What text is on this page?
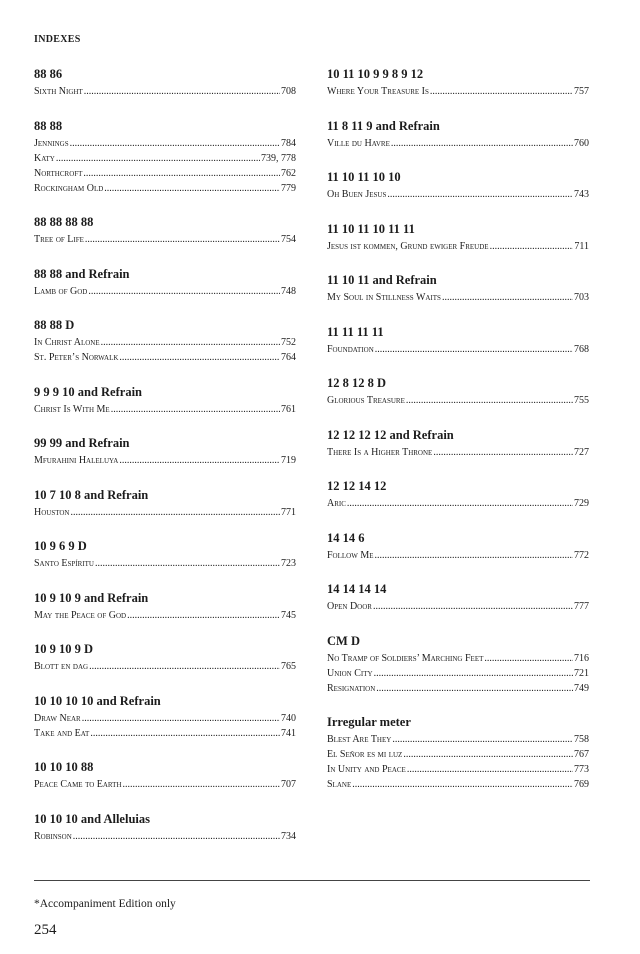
INDEXES
88 86
Sixth Night .....	708
88 88
Jennings .....	784
Katy .....	739, 778
Northcroft .....	762
Rockingham Old .....	779
88 88 88 88
Tree of Life .....	754
88 88 and Refrain
Lamb of God .....	748
88 88 D
In Christ Alone .....	752
St. Peter’s Norwalk .....	764
9 9 9 10 and Refrain
Christ Is With Me .....	761
99 99 and Refrain
Mfurahini Haleluya .....	719
10 7 10 8 and Refrain
Houston .....	771
10 9 6 9 D
Santo Espíritu .....	723
10 9 10 9 and Refrain
May the Peace of God .....	745
10 9 10 9 D
Blott en dag .....	765
10 10 10 10 and Refrain
Draw Near .....	740
Take and Eat .....	741
10 10 10 88
Peace Came to Earth .....	707
10 10 10 and Alleluias
Robinson .....	734
10 11 10 9 9 8 9 12
Where Your Treasure Is .....	757
11 8 11 9 and Refrain
Ville du Havre .....	760
11 10 11 10 10
Oh Buen Jesus .....	743
11 10 11 10 11 11
Jesus ist kommen, Grund ewiger Freude .....	711
11 10 11 and Refrain
My Soul in Stillness Waits .....	703
11 11 11 11
Foundation .....	768
12 8 12 8 D
Glorious Treasure .....	755
12 12 12 12 and Refrain
There Is a Higher Throne .....	727
12 12 14 12
Aric .....	729
14 14 6
Follow Me .....	772
14 14 14 14
Open Door .....	777
CM D
No Tramp of Soldiers’ Marching Feet .....	716
Union City .....	721
Resignation .....	749
Irregular meter
Blest Are They .....	758
El Señor es mi luz .....	767
In Unity and Peace .....	773
Slane .....	769
*Accompaniment Edition only
254
